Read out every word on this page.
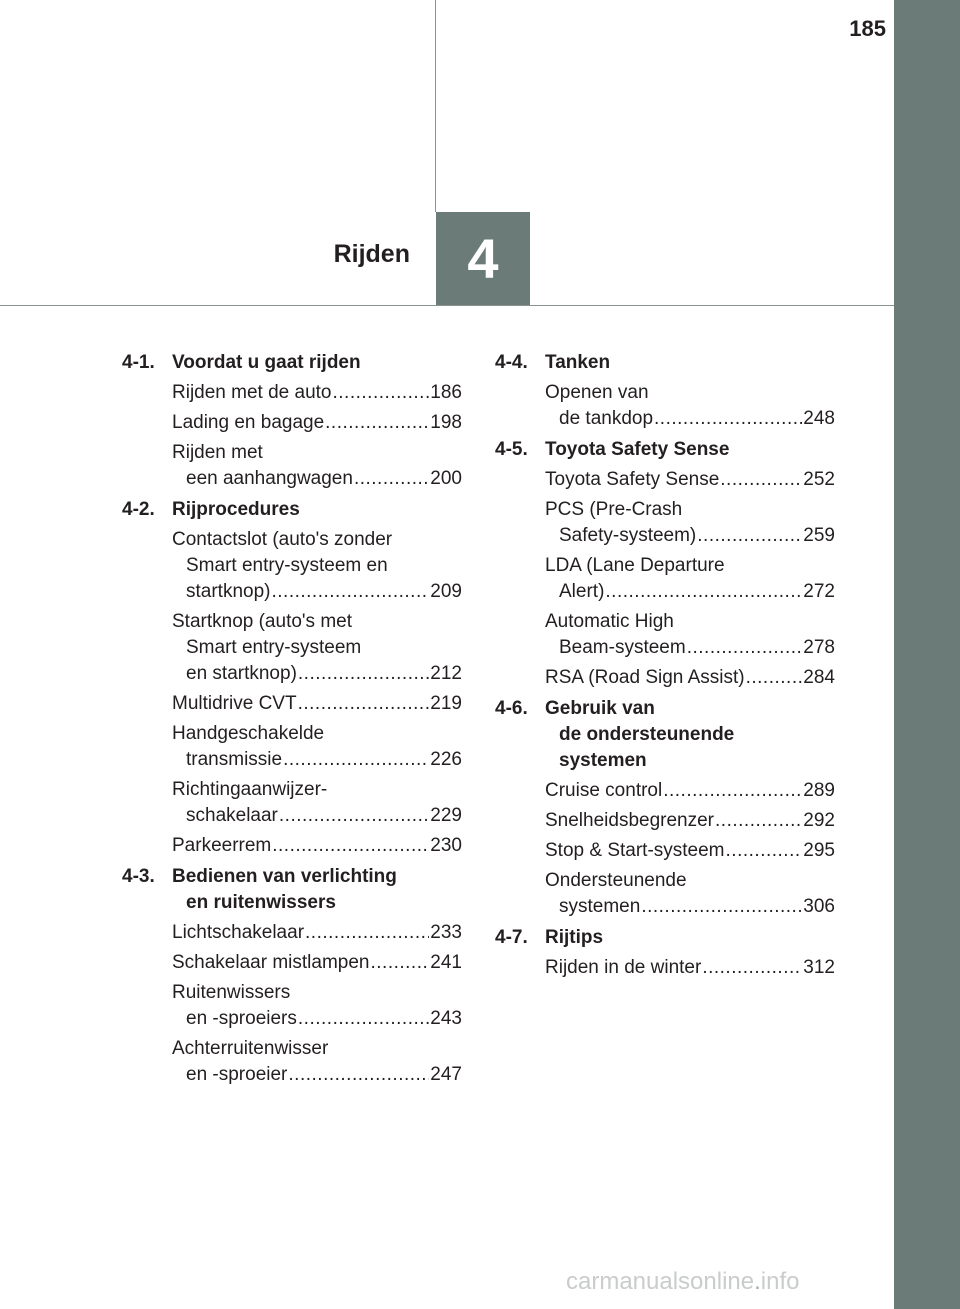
185
Rijden 4
4-1. Voordat u gaat rijden
Rijden met de auto .....	186
Lading en bagage .....	198
Rijden met
een aanhangwagen .....	200
4-2. Rijprocedures
Contactslot (auto's zonder
Smart entry-systeem en
startknop) .....	209
Startknop (auto's met
Smart entry-systeem
en startknop) .....	212
Multidrive CVT .....	219
Handgeschakelde
transmissie .....	226
Richtingaanwijzer-
schakelaar .....	229
Parkeerrem .....	230
4-3. Bedienen van verlichting
en ruitenwissers
Lichtschakelaar .....	233
Schakelaar mistlampen .....	241
Ruitenwissers
en -sproeiers .....	243
Achterruitenwisser
en -sproeier .....	247
4-4. Tanken
Openen van
de tankdop .....	248
4-5. Toyota Safety Sense
Toyota Safety Sense .....	252
PCS (Pre-Crash
Safety-systeem) .....	259
LDA (Lane Departure
Alert) .....	272
Automatic High
Beam-systeem .....	278
RSA (Road Sign Assist) .....	284
4-6. Gebruik van
de ondersteunende
systemen
Cruise control .....	289
Snelheidsbegrenzer .....	292
Stop & Start-systeem .....	295
Ondersteunende
systemen .....	306
4-7. Rijtips
Rijden in de winter .....	312
carmanualsonline.info
